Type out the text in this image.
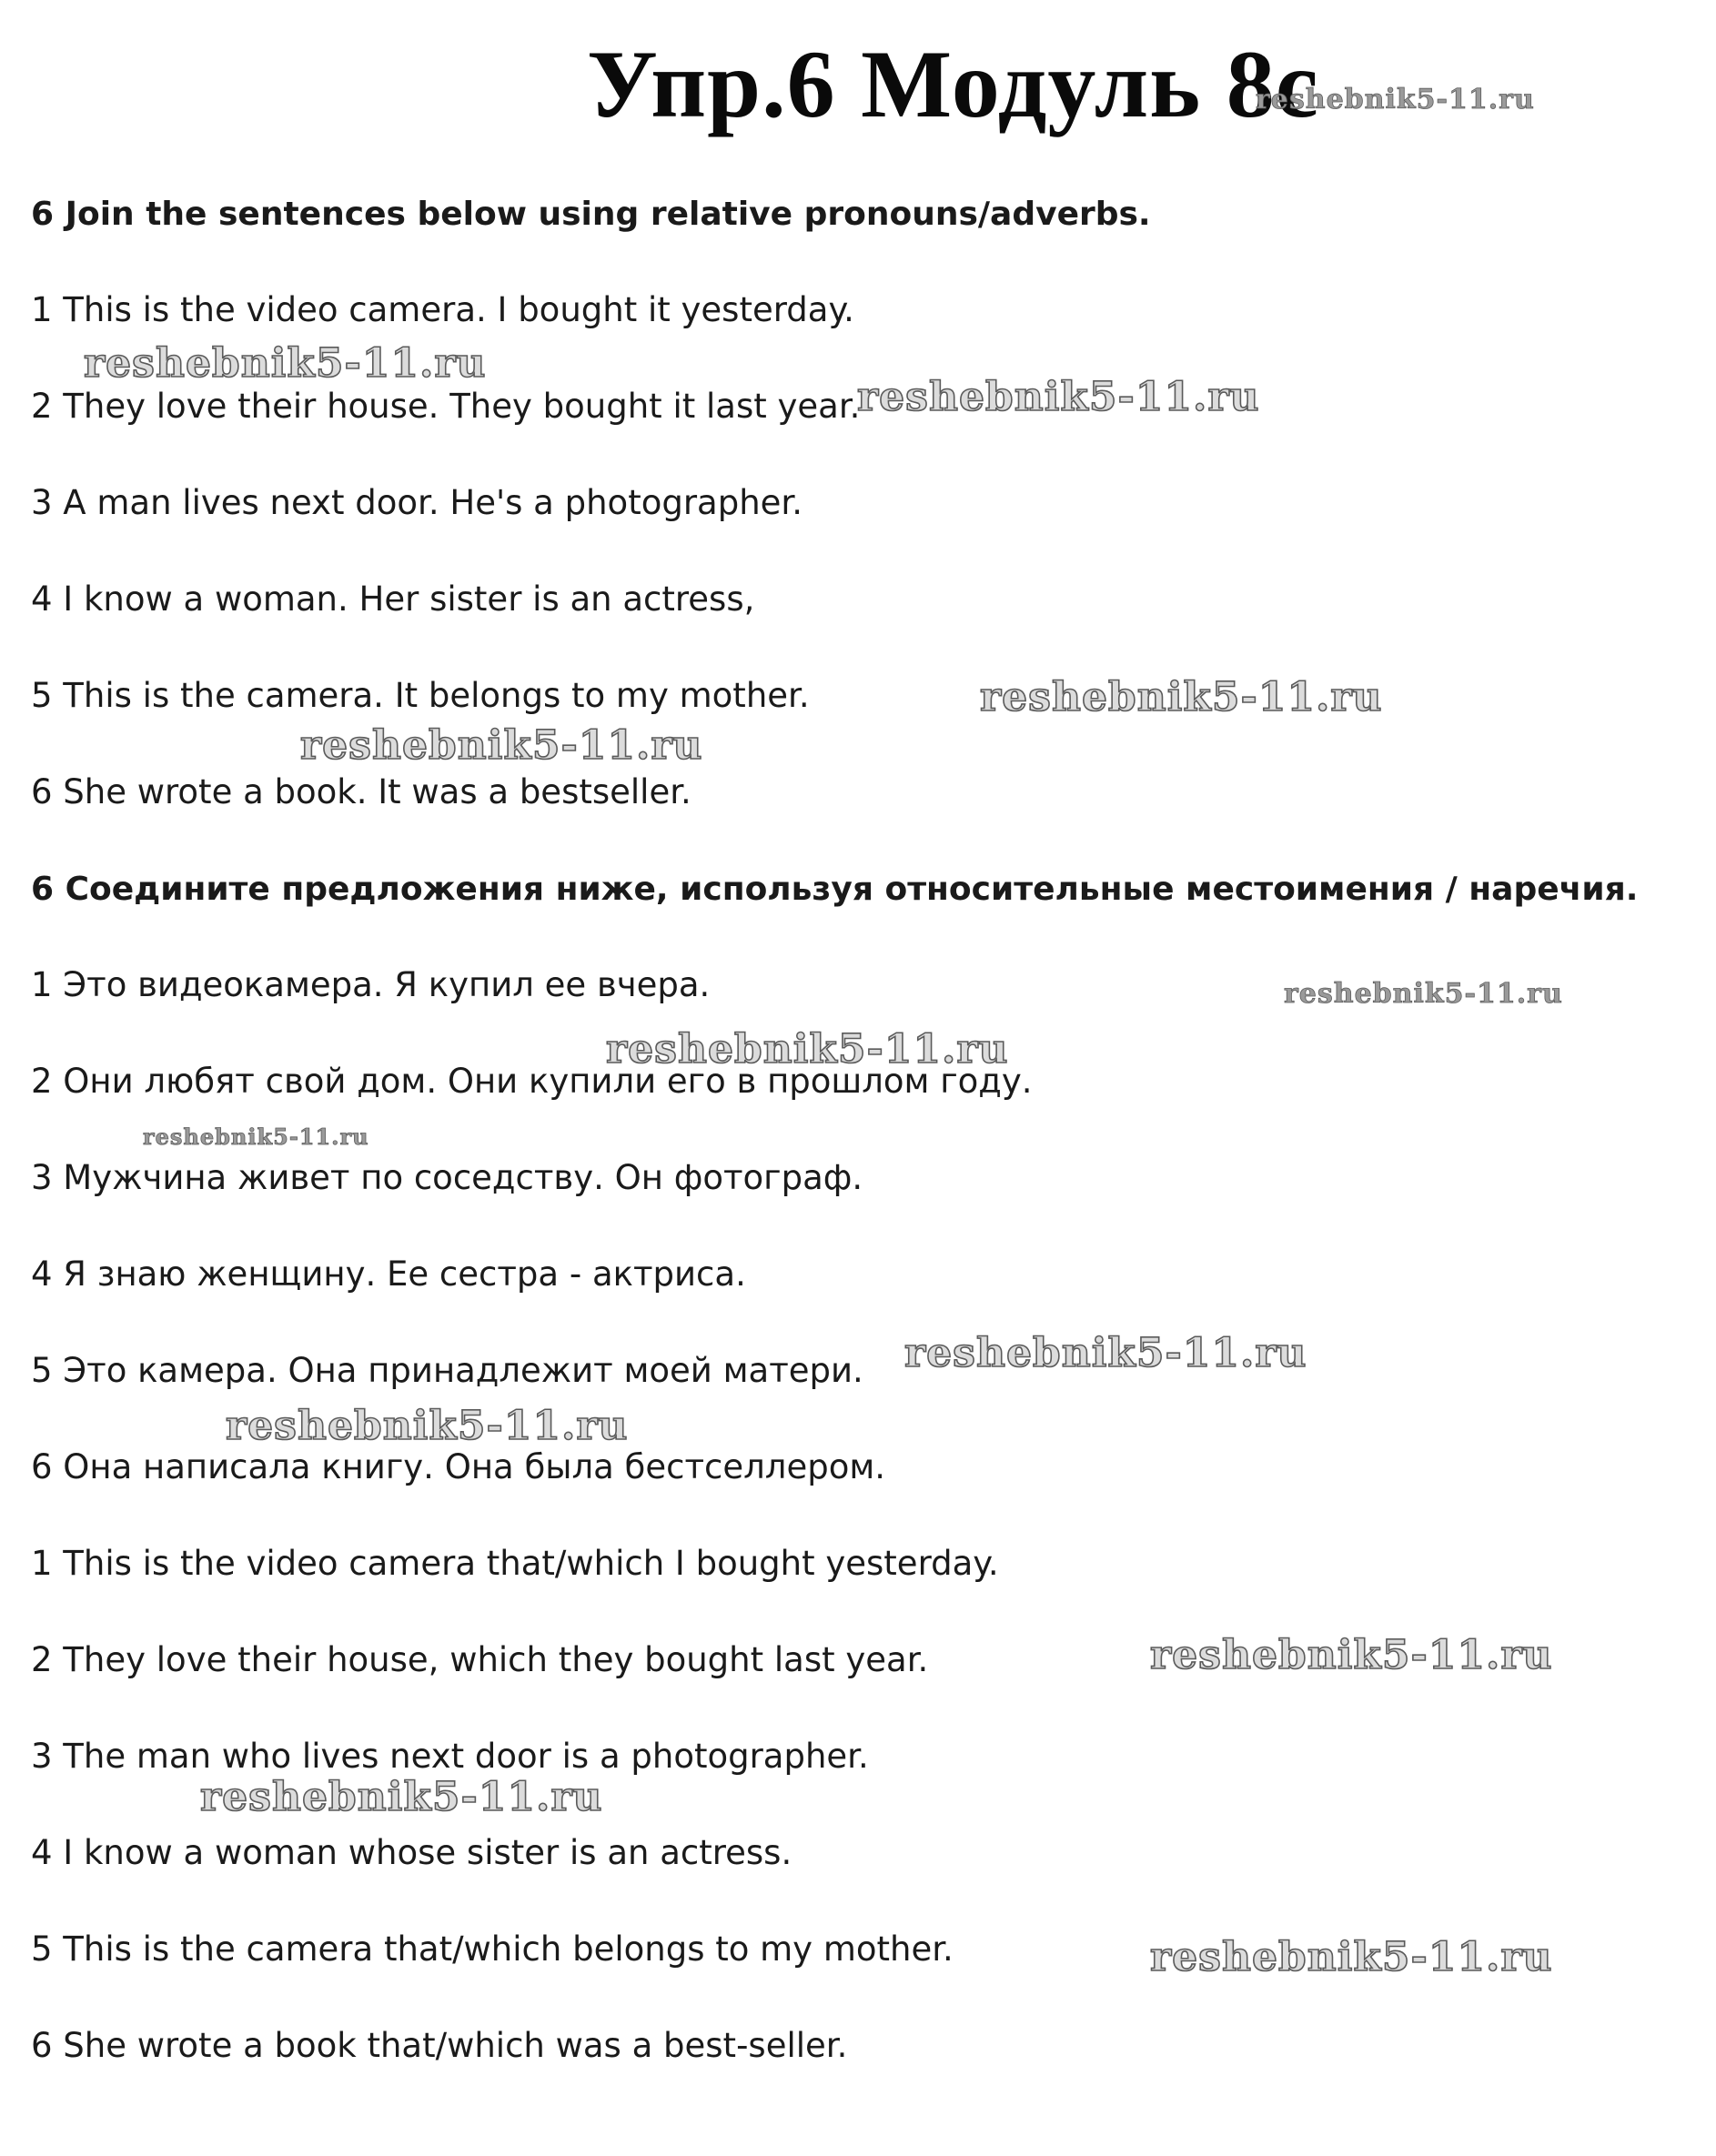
Упр.6 Модуль 8с
6 Join the sentences below using relative pronouns/adverbs.
1 This is the video camera. I bought it yesterday.
2 They love their house. They bought it last year.
3 A man lives next door. He's a photographer.
4 I know a woman. Her sister is an actress,
5 This is the camera. It belongs to my mother.
6 She wrote a book. It was a bestseller.
6 Соедините предложения ниже, используя относительные местоимения / наречия.
1 Это видеокамера. Я купил ее вчера.
2 Они любят свой дом. Они купили его в прошлом году.
3 Мужчина живет по соседству. Он фотограф.
4 Я знаю женщину. Ее сестра - актриса.
5 Это камера. Она принадлежит моей матери.
6 Она написала книгу. Она была бестселлером.
1 This is the video camera that/which I bought yesterday.
2 They love their house, which they bought last year.
3 The man who lives next door is a photographer.
4 I know a woman whose sister is an actress.
5 This is the camera that/which belongs to my mother.
6 She wrote a book that/which was a best-seller.
reshebnik5-11.ru
reshebnik5-11.ru
reshebnik5-11.ru
reshebnik5-11.ru
reshebnik5-11.ru
reshebnik5-11.ru
reshebnik5-11.ru
reshebnik5-11.ru
reshebnik5-11.ru
reshebnik5-11.ru
reshebnik5-11.ru
reshebnik5-11.ru
reshebnik5-11.ru
